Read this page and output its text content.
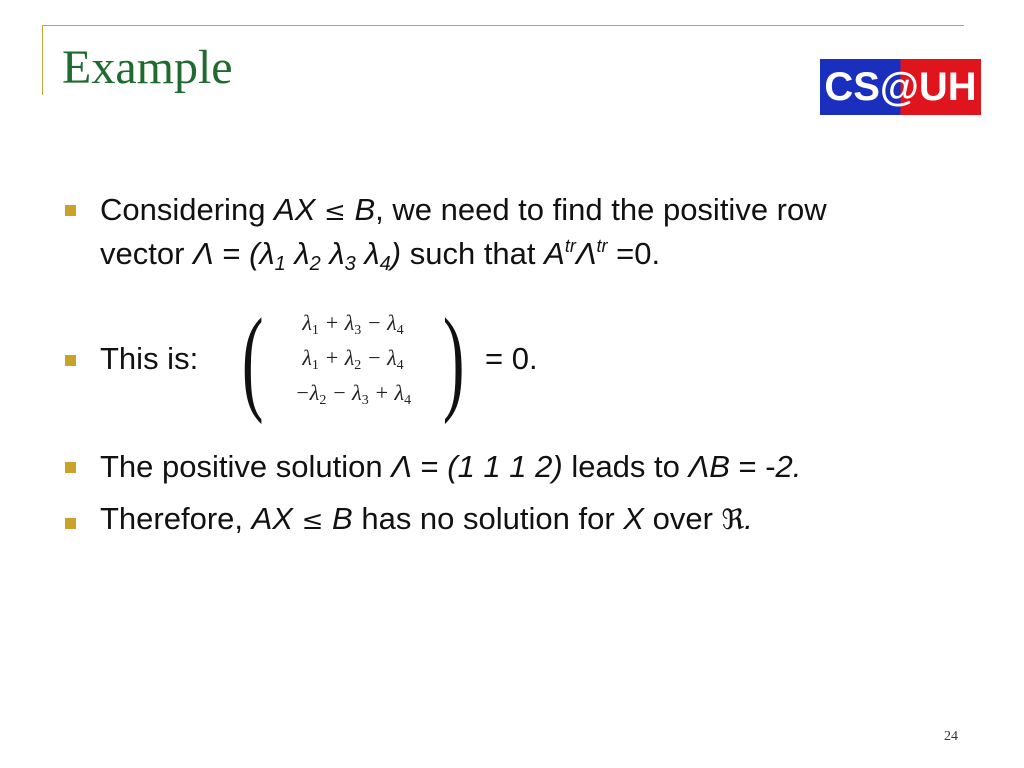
Example	CS@UH
Considering AX ≤ B, we need to find the positive row
vector $\Lambda = (\lambda_1$ $\lambda_2$ $\lambda_3$ $\lambda_4$) such that $A^{tr}\Lambda^{tr} =0$.
This is: (	$\lambda_1 + \lambda_3 - \lambda_4$
$\lambda_1 + \lambda_2 - \lambda_4$
$-\lambda_2 - \lambda_3 + \lambda_4$ ) = 0.
The positive solution Λ = (1 1 1 2) leads to ΛB = -2.
Therefore, AX ≤ B has no solution for X over ℜ.
24
